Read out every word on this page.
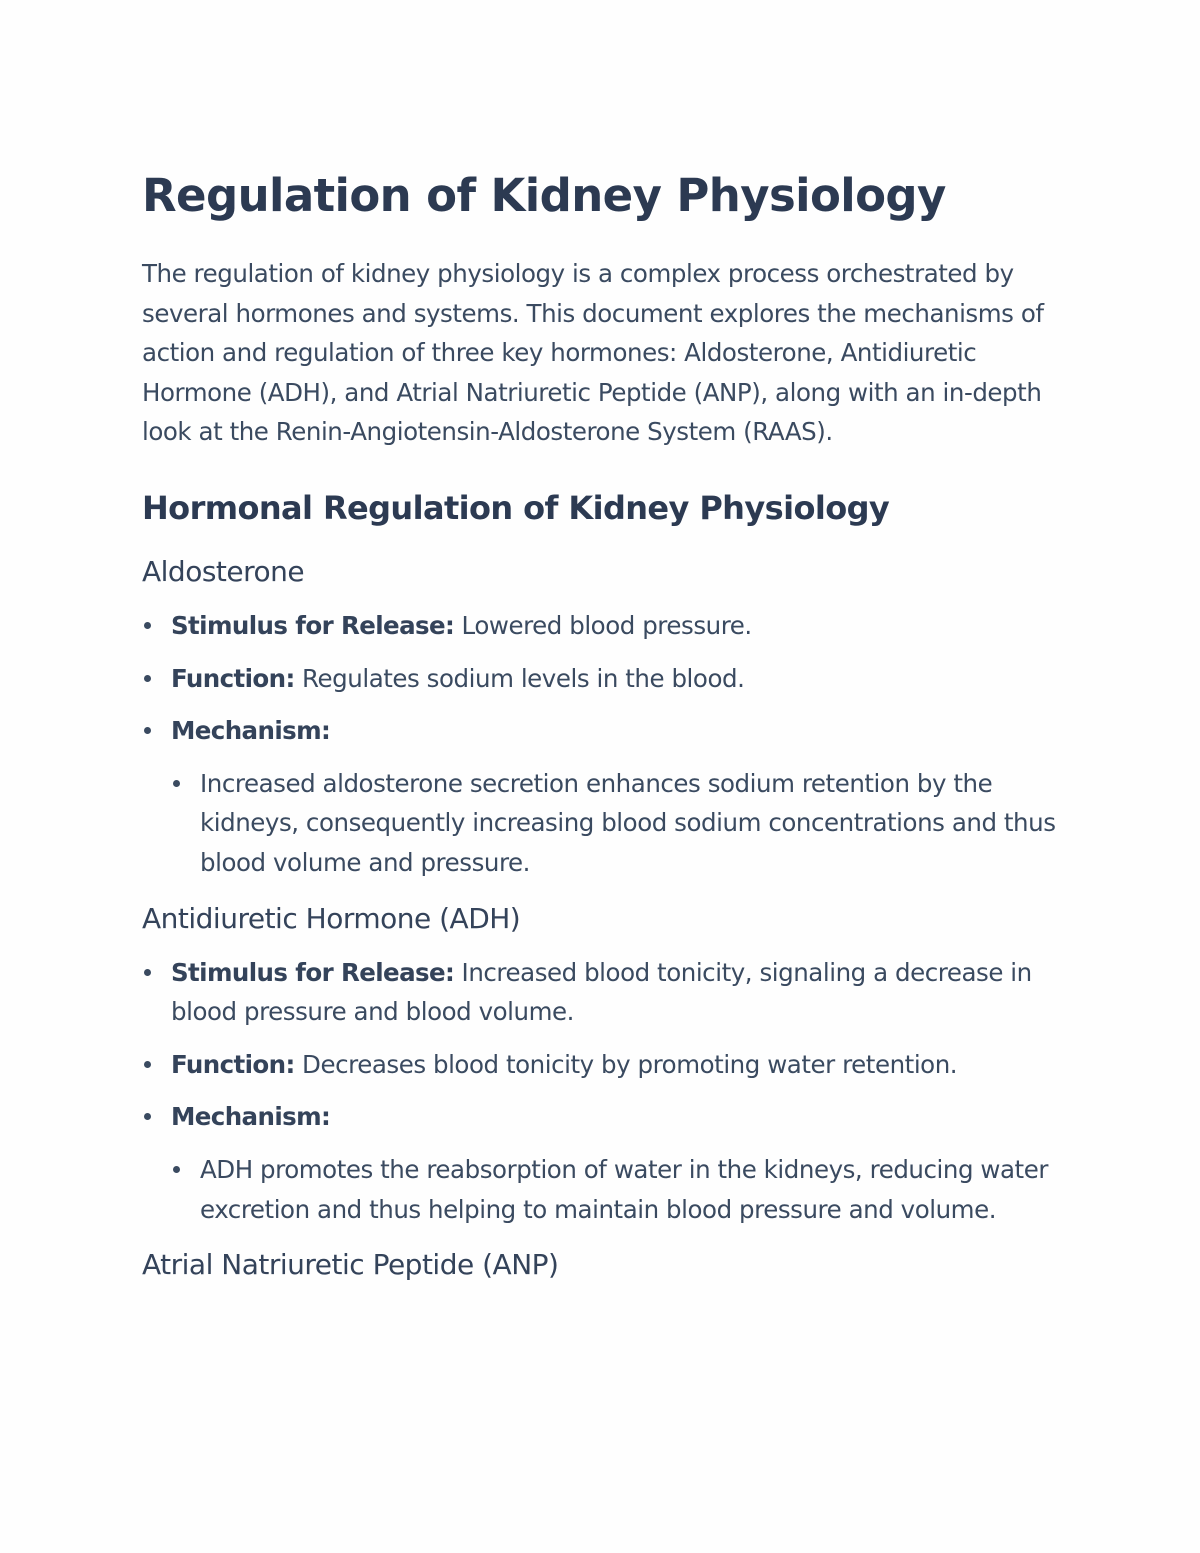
Regulation of Kidney Physiology

The regulation of kidney physiology is a complex process orchestrated by several hormones and systems. This document explores the mechanisms of action and regulation of three key hormones: Aldosterone, Antidiuretic Hormone (ADH), and Atrial Natriuretic Peptide (ANP), along with an in-depth look at the Renin-Angiotensin-Aldosterone System (RAAS).

Hormonal Regulation of Kidney Physiology
Aldosterone
Stimulus for Release: Lowered blood pressure.
Function: Regulates sodium levels in the blood.
Mechanism:
Increased aldosterone secretion enhances sodium retention by the kidneys, consequently increasing blood sodium concentrations and thus blood volume and pressure.
Antidiuretic Hormone (ADH)
Stimulus for Release: Increased blood tonicity, signaling a decrease in blood pressure and blood volume.
Function: Decreases blood tonicity by promoting water retention.
Mechanism:
ADH promotes the reabsorption of water in the kidneys, reducing water excretion and thus helping to maintain blood pressure and volume.
Atrial Natriuretic Peptide (ANP)
